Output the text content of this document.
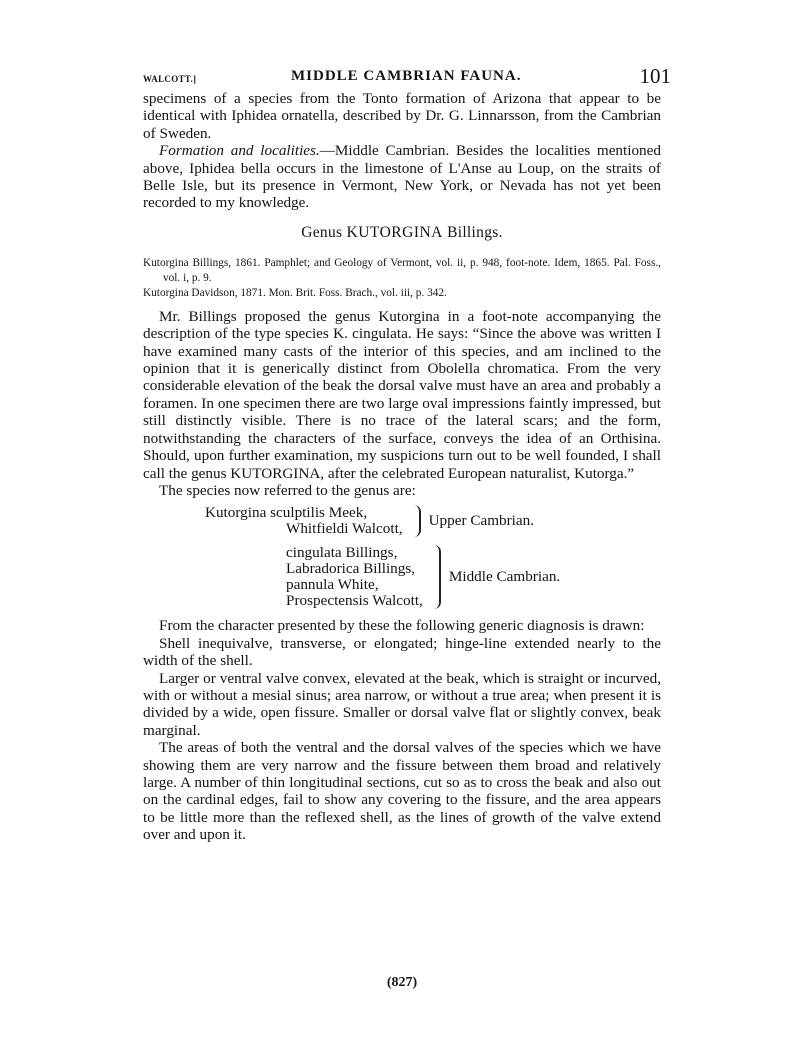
WALCOTT.]	MIDDLE CAMBRIAN FAUNA.	101

specimens of a species from the Tonto formation of Arizona that appear to be identical with Iphidea ornatella, described by Dr. G. Linnarsson, from the Cambrian of Sweden.

Formation and localities.—Middle Cambrian. Besides the localities mentioned above, Iphidea bella occurs in the limestone of L'Anse au Loup, on the straits of Belle Isle, but its presence in Vermont, New York, or Nevada has not yet been recorded to my knowledge.

Genus KUTORGINA Billings.
Kutorgina Billings, 1861. Pamphlet; and Geology of Vermont, vol. ii, p. 948, foot-note. Idem, 1865. Pal. Foss., vol. i, p. 9.
Kutorgina Davidson, 1871. Mon. Brit. Foss. Brach., vol. iii, p. 342.

Mr. Billings proposed the genus Kutorgina in a foot-note accompanying the description of the type species K. cingulata. He says: “Since the above was written I have examined many casts of the interior of this species, and am inclined to the opinion that it is generically distinct from Obolella chromatica. From the very considerable elevation of the beak the dorsal valve must have an area and probably a foramen. In one specimen there are two large oval impressions faintly impressed, but still distinctly visible. There is no trace of the lateral scars; and the form, notwithstanding the characters of the surface, conveys the idea of an Orthisina. Should, upon further examination, my suspicions turn out to be well founded, I shall call the genus KUTORGINA, after the celebrated European naturalist, Kutorga.”

The species now referred to the genus are:

Kutorgina sculptilis Meek,
Whitfieldi Walcott, Upper Cambrian.
cingulata Billings,
Labradorica Billings,
pannula White,
Prospectensis Walcott,
Middle Cambrian.

From the character presented by these the following generic diagnosis is drawn:

Shell inequivalve, transverse, or elongated; hinge-line extended nearly to the width of the shell.

Larger or ventral valve convex, elevated at the beak, which is straight or incurved, with or without a mesial sinus; area narrow, or without a true area; when present it is divided by a wide, open fissure. Smaller or dorsal valve flat or slightly convex, beak marginal.

The areas of both the ventral and the dorsal valves of the species which we have showing them are very narrow and the fissure between them broad and relatively large. A number of thin longitudinal sections, cut so as to cross the beak and also out on the cardinal edges, fail to show any covering to the fissure, and the area appears to be little more than the reflexed shell, as the lines of growth of the valve extend over and upon it.

(827)
